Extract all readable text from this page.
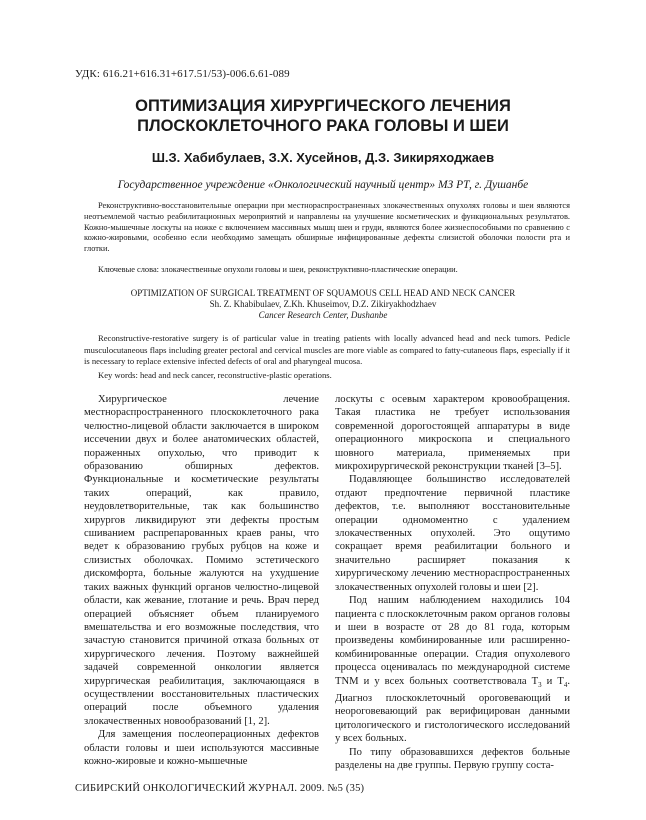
УДК: 616.21+616.31+617.51/53)-006.6.61-089
ОПТИМИЗАЦИЯ ХИРУРГИЧЕСКОГО ЛЕЧЕНИЯ
ПЛОСКОКЛЕТОЧНОГО РАКА ГОЛОВЫ И ШЕИ
Ш.З. Хабибулаев, З.Х. Хусейнов, Д.З. Зикиряходжаев
Государственное учреждение «Онкологический научный центр» МЗ РТ, г. Душанбе

Реконструктивно-восстановительные операции при местнораспространенных злокачественных опухолях головы и шеи являются неотъемлемой частью реабилитационных мероприятий и направлены на улучшение косметических и функциональных результатов. Кожно-мышечные лоскуты на ножке с включением массивных мышц шеи и груди, являются более жизнеспособными по сравнению с кожно-жировыми, особенно если необходимо замещать обширные инфицированные дефекты слизистой оболочки полости рта и глотки.

Ключевые слова: злокачественные опухоли головы и шеи, реконструктивно-пластические операции.
OPTIMIZATION OF SURGICAL TREATMENT OF SQUAMOUS CELL HEAD AND NECK CANCER
Sh. Z. Khabibulaev, Z.Kh. Khuseimov, D.Z. Zikiryakhodzhaev
Cancer Research Center, Dushanbe

Reconstructive-restorative surgery is of particular value in treating patients with locally advanced head and neck tumors. Pedicle musculocutaneous flaps including greater pectoral and cervical muscles are more viable as compared to fatty-cutaneous flaps, especially if it is necessary to replace extensive infected defects of oral and pharyngeal mucosa.

Key words: head and neck cancer, reconstructive-plastic operations.

Хирургическое лечение местнораспространенного плоскоклеточного рака челюстно-лицевой области заключается в широком иссечении двух и более анатомических областей, пораженных опухолью, что приводит к образованию обширных дефектов. Функциональные и косметические результаты таких операций, как правило, неудовлетворительные, так как большинство хирургов ликвидируют эти дефекты простым сшиванием распрепарованных краев раны, что ведет к образованию грубых рубцов на коже и слизистых оболочках. Помимо эстетического дискомфорта, больные жалуются на ухудшение таких важных функций органов челюстно-лицевой области, как жевание, глотание и речь. Врач перед операцией объясняет объем планируемого вмешательства и его возможные последствия, что зачастую становится причиной отказа больных от хирургического лечения. Поэтому важнейшей задачей современной онкологии является хирургическая реабилитация, заключающаяся в осуществлении восстановительных пластических операций после объемного удаления злокачественных новообразований [1, 2].

Для замещения послеоперационных дефектов области головы и шеи используются массивные кожно-жировые и кожно-мышечные

лоскуты с осевым характером кровообращения. Такая пластика не требует использования современной дорогостоящей аппаратуры в виде операционного микроскопа и специального шовного материала, применяемых при микрохирургической реконструкции тканей [3–5].

Подавляющее большинство исследователей отдают предпочтение первичной пластике дефектов, т.е. выполняют восстановительные операции одномоментно с удалением злокачественных опухолей. Это ощутимо сокращает время реабилитации больного и значительно расширяет показания к хирургическому лечению местнораспространенных злокачественных опухолей головы и шеи [2].

Под нашим наблюдением находились 104 пациента с плоскоклеточным раком органов головы и шеи в возрасте от 28 до 81 года, которым произведены комбинированные или расширенно-комбинированные операции. Стадия опухолевого процесса оценивалась по международной системе TNM и у всех больных соответствовала $T_3$ и $T_4$. Диагноз плоскоклеточный ороговевающий и неороговевающий рак верифицирован данными цитологического и гистологического исследований у всех больных.

По типу образовавшихся дефектов больные разделены на две группы. Первую группу соста-

СИБИРСКИЙ ОНКОЛОГИЧЕСКИЙ ЖУРНАЛ. 2009. №5 (35)
